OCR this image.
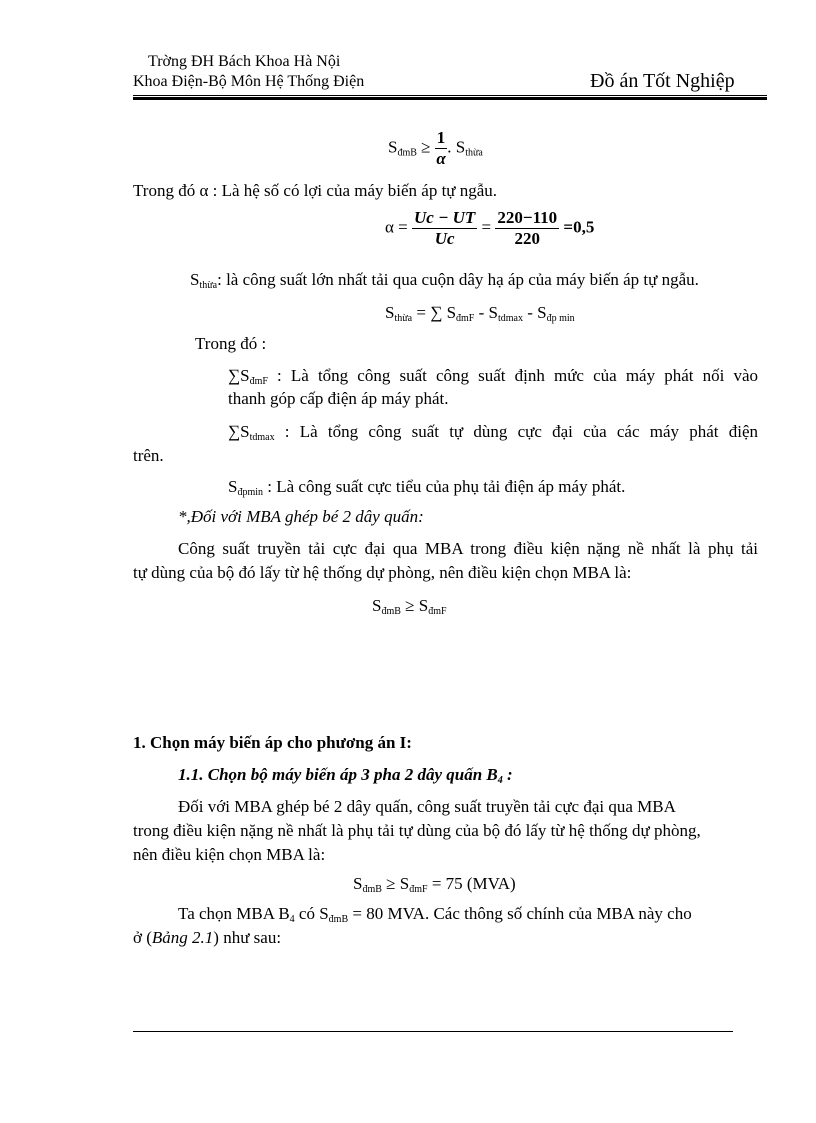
Trờng ĐH Bách Khoa Hà Nội
Khoa Điện-Bộ Môn Hệ Thống Điện	Đồ án Tốt Nghiệp
$S_{đmB} \ge \frac{1}{\alpha}$ . $S_{thừa}$
Trong đó α : Là hệ số có lợi của máy biến áp tự ngẫu.
$\alpha = \frac{Uc - UT}{Uc} = \frac{220-110}{220} =0,5$
$S_{thừa}$: là công suất lớn nhất tải qua cuộn dây hạ áp của máy biến áp tự ngẫu.
$S_{thừa}$ = ∑ $S_{đmF} - S_{tdmax} - S_{đp min}$
Trong đó :
$\sum S_{đmF}$ : Là tổng công suất công suất định mức của máy phát nối vào
thanh góp cấp điện áp máy phát.
$\sum S_{tdmax}$ : Là tổng công suất tự dùng cực đại của các máy phát điện
trên.
$S_{đpmin}$ : Là công suất cực tiểu của phụ tải điện áp máy phát.
*,Đối với MBA ghép bé 2 dây quấn:
Công suất truyền tải cực đại qua MBA trong điều kiện nặng nề nhất là phụ tải
tự dùng của bộ đó lấy từ hệ thống dự phòng, nên điều kiện chọn MBA là:
$S_{đmB} \ge S_{đmF}$
1. Chọn máy biến áp cho phương án I:
1.1. Chọn bộ máy biến áp 3 pha 2 dây quấn $B_4$ :
Đối với MBA ghép bé 2 dây quấn, công suất truyền tải cực đại qua MBA
trong điều kiện nặng nề nhất là phụ tải tự dùng của bộ đó lấy từ hệ thống dự phòng,
nên điều kiện chọn MBA là:
$S_{đmB} \ge S_{đmF} = 75$ (MVA)
Ta chọn MBA $B_4$ có $S_{đmB} = 80$ MVA. Các thông số chính của MBA này cho
ở (Bảng 2.1) như sau:
